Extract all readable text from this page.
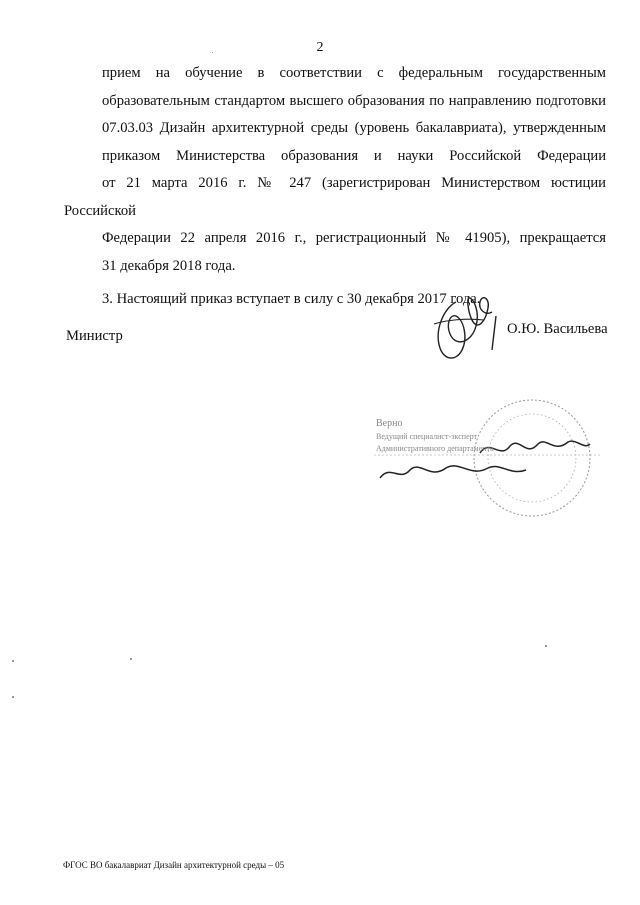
2

прием на обучение в соответствии с федеральным государственным
образовательным стандартом высшего образования по направлению подготовки
07.03.03 Дизайн архитектурной среды (уровень бакалавриата), утвержденным
приказом Министерства образования и науки Российской Федерации
от 21 марта 2016 г. № 247 (зарегистрирован Министерством юстиции Российской
Федерации 22 апреля 2016 г., регистрационный № 41905), прекращается
31 декабря 2018 года.

3. Настоящий приказ вступает в силу с 30 декабря 2017 года.

Министр	О.Ю. Васильева
Верно
Ведущий специалист-эксперт
Административного департамента
ФГОС ВО бакалавриат Дизайн архитектурной среды – 05
